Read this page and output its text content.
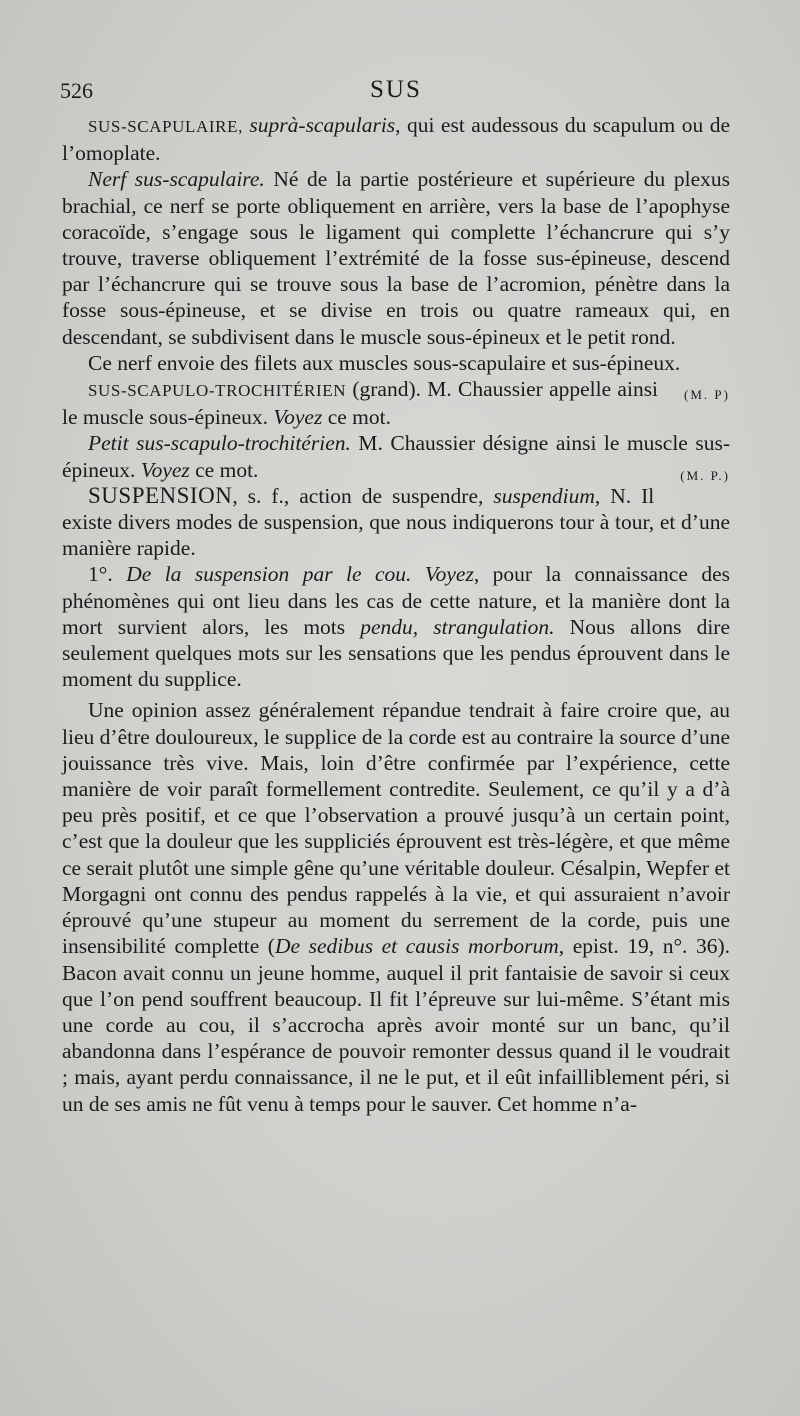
526	SUS

SUS-SCAPULAIRE, suprà-scapularis, qui est audessous du scapulum ou de l’omoplate.

Nerf sus-scapulaire. Né de la partie postérieure et supérieure du plexus brachial, ce nerf se porte obliquement en arrière, vers la base de l’apophyse coracoïde, s’engage sous le ligament qui complette l’échancrure qui s’y trouve, traverse obliquement l’extrémité de la fosse sus-épineuse, descend par l’échancrure qui se trouve sous la base de l’acromion, pénètre dans la fosse sous-épineuse, et se divise en trois ou quatre rameaux qui, en descendant, se subdivisent dans le muscle sous-épineux et le petit rond.

Ce nerf envoie des filets aux muscles sous-scapulaire et sus-épineux.
(M. P)

SUS-SCAPULO-TROCHITÉRIEN (grand). M. Chaussier appelle ainsi le muscle sous-épineux. Voyez ce mot.

Petit sus-scapulo-trochitérien. M. Chaussier désigne ainsi le muscle sus-épineux. Voyez ce mot.	(M. P.)

SUSPENSION, s. f., action de suspendre, suspendium, N. Il existe divers modes de suspension, que nous indiquerons tour à tour, et d’une manière rapide.

1°. De la suspension par le cou. Voyez, pour la connaissance des phénomènes qui ont lieu dans les cas de cette nature, et la manière dont la mort survient alors, les mots pendu, strangulation. Nous allons dire seulement quelques mots sur les sensations que les pendus éprouvent dans le moment du supplice.

Une opinion assez généralement répandue tendrait à faire croire que, au lieu d’être douloureux, le supplice de la corde est au contraire la source d’une jouissance très vive. Mais, loin d’être confirmée par l’expérience, cette manière de voir paraît formellement contredite. Seulement, ce qu’il y a d’à peu près positif, et ce que l’observation a prouvé jusqu’à un certain point, c’est que la douleur que les suppliciés éprouvent est très-légère, et que même ce serait plutôt une simple gêne qu’une véritable douleur. Césalpin, Wepfer et Morgagni ont connu des pendus rappelés à la vie, et qui assuraient n’avoir éprouvé qu’une stupeur au moment du serrement de la corde, puis une insensibilité complette (De sedibus et causis morborum, epist. 19, n°. 36). Bacon avait connu un jeune homme, auquel il prit fantaisie de savoir si ceux que l’on pend souffrent beaucoup. Il fit l’épreuve sur lui-même. S’étant mis une corde au cou, il s’accrocha après avoir monté sur un banc, qu’il abandonna dans l’espérance de pouvoir remonter dessus quand il le voudrait ; mais, ayant perdu connaissance, il ne le put, et il eût infailliblement péri, si un de ses amis ne fût venu à temps pour le sauver. Cet homme n’a-
